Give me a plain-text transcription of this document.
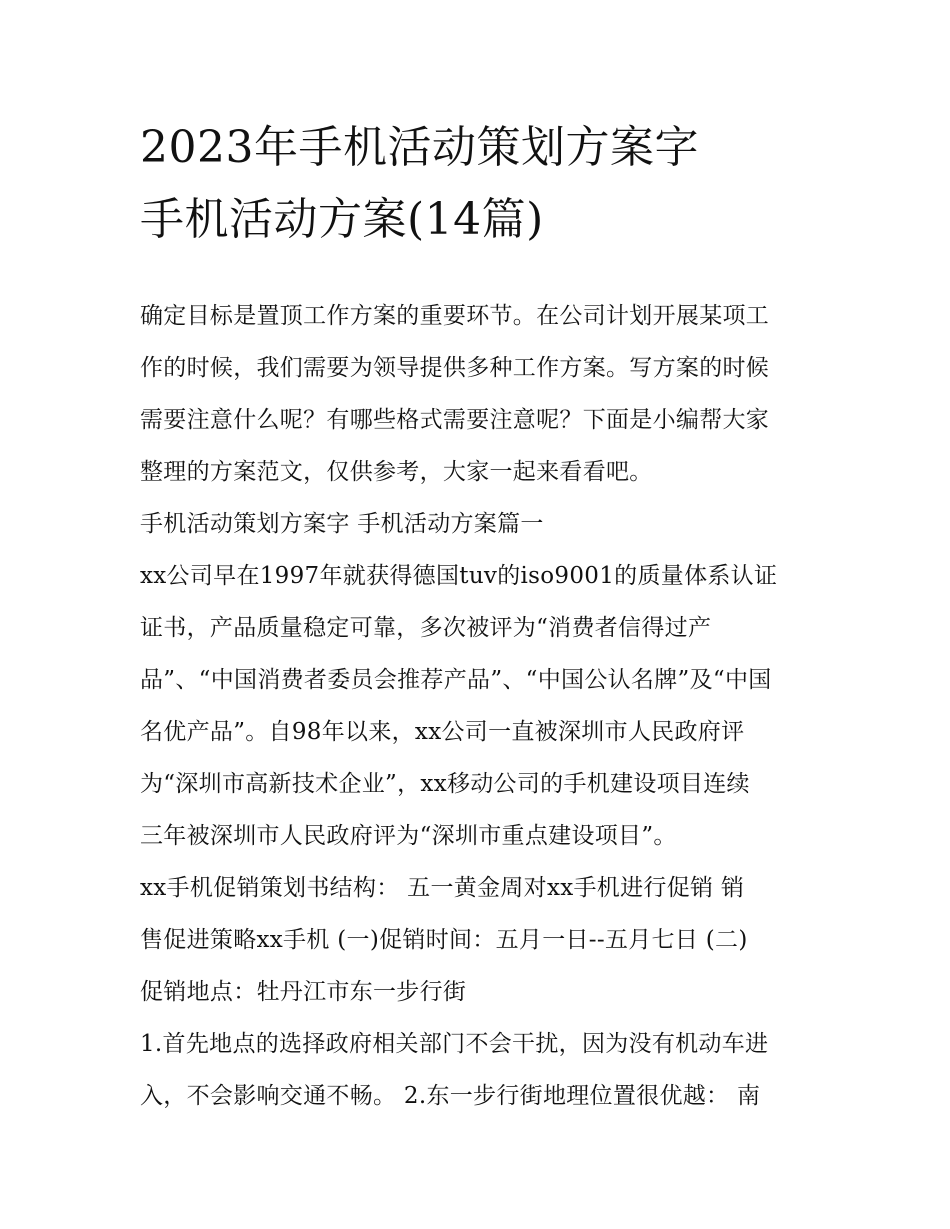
2023年手机活动策划方案字
手机活动方案(14篇)

确定目标是置顶工作方案的重要环节。在公司计划开展某项工
作的时候，我们需要为领导提供多种工作方案。写方案的时候
需要注意什么呢？有哪些格式需要注意呢？下面是小编帮大家
整理的方案范文，仅供参考，大家一起来看看吧。

手机活动策划方案字 手机活动方案篇一

xx公司早在1997年就获得德国tuv的iso9001的质量体系认证
证书，产品质量稳定可靠，多次被评为“消费者信得过产
品”、“中国消费者委员会推荐产品”、“中国公认名牌”及“中国
名优产品”。自98年以来，xx公司一直被深圳市人民政府评
为“深圳市高新技术企业”，xx移动公司的手机建设项目连续
三年被深圳市人民政府评为“深圳市重点建设项目”。

xx手机促销策划书结构： 五一黄金周对xx手机进行促销 销
售促进策略xx手机 (一)促销时间：五月一日--五月七日 (二)
促销地点：牡丹江市东一步行街

1.首先地点的选择政府相关部门不会干扰，因为没有机动车进
入，不会影响交通不畅。 2.东一步行街地理位置很优越： 南
